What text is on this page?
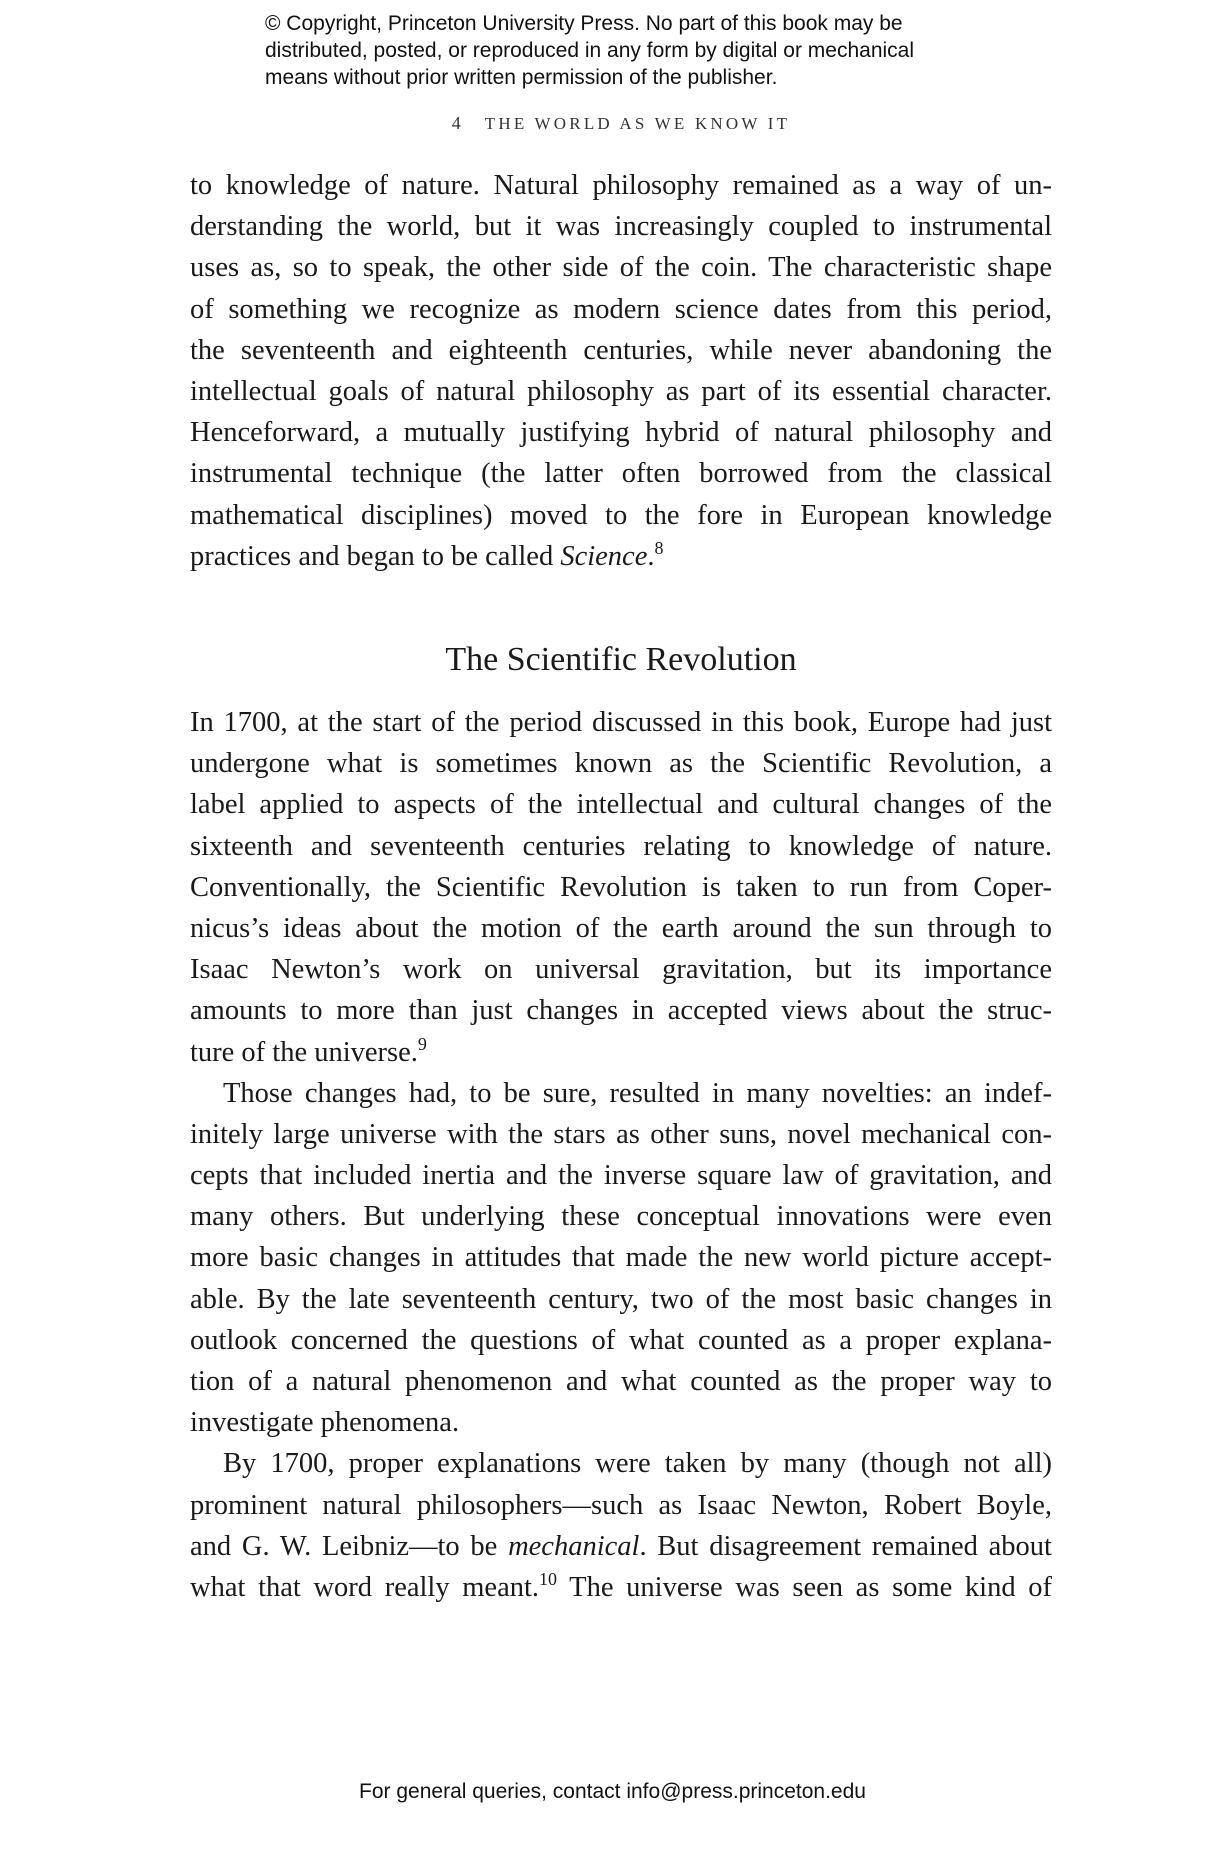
© Copyright, Princeton University Press. No part of this book may be
distributed, posted, or reproduced in any form by digital or mechanical
means without prior written permission of the publisher.
4 THE WORLD AS WE KNOW IT
to knowledge of nature. Natural philosophy remained as a way of un-
derstanding the world, but it was increasingly coupled to instrumental
uses as, so to speak, the other side of the coin. The characteristic shape
of something we recognize as modern science dates from this period,
the seventeenth and eighteenth centuries, while never abandoning the
intellectual goals of natural philosophy as part of its essential character.
Henceforward, a mutually justifying hybrid of natural philosophy and
instrumental technique (the latter often borrowed from the classical
mathematical disciplines) moved to the fore in European knowledge
practices and began to be called Science.$^8$
The Scientific Revolution
In 1700, at the start of the period discussed in this book, Europe had just
undergone what is sometimes known as the Scientific Revolution, a
label applied to aspects of the intellectual and cultural changes of the
sixteenth and seventeenth centuries relating to knowledge of nature.
Conventionally, the Scientific Revolution is taken to run from Coper-
nicus’s ideas about the motion of the earth around the sun through to
Isaac Newton’s work on universal gravitation, but its importance
amounts to more than just changes in accepted views about the struc-
ture of the universe.$^9$
Those changes had, to be sure, resulted in many novelties: an indef-
initely large universe with the stars as other suns, novel mechanical con-
cepts that included inertia and the inverse square law of gravitation, and
many others. But underlying these conceptual innovations were even
more basic changes in attitudes that made the new world picture accept-
able. By the late seventeenth century, two of the most basic changes in
outlook concerned the questions of what counted as a proper explana-
tion of a natural phenomenon and what counted as the proper way to
investigate phenomena.
By 1700, proper explanations were taken by many (though not all)
prominent natural philosophers—such as Isaac Newton, Robert Boyle,
and G. W. Leibniz—to be mechanical. But disagreement remained about
what that word really meant.$^{10}$ The universe was seen as some kind of
For general queries, contact info@press.princeton.edu
